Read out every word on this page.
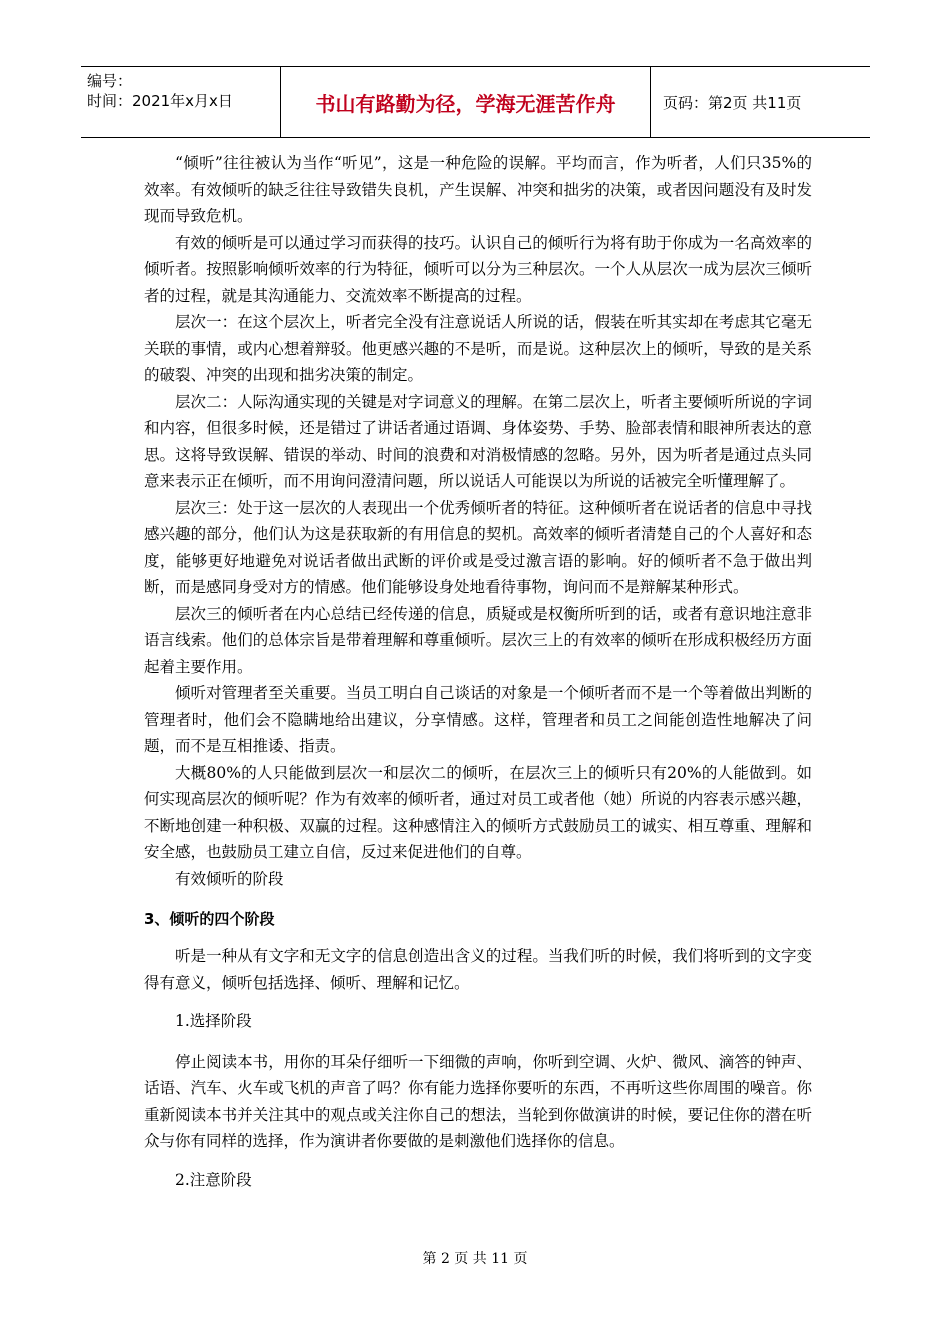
编号：
时间：2021年x月x日	书山有路勤为径，学海无涯苦作舟	页码：第2页 共11页

“倾听”往往被认为当作“听见”，这是一种危险的误解。平均而言，作为听者，人们只35%的效率。有效倾听的缺乏往往导致错失良机，产生误解、冲突和拙劣的决策，或者因问题没有及时发现而导致危机。

有效的倾听是可以通过学习而获得的技巧。认识自己的倾听行为将有助于你成为一名高效率的倾听者。按照影响倾听效率的行为特征，倾听可以分为三种层次。一个人从层次一成为层次三倾听者的过程，就是其沟通能力、交流效率不断提高的过程。

层次一：在这个层次上，听者完全没有注意说话人所说的话，假装在听其实却在考虑其它毫无关联的事情，或内心想着辩驳。他更感兴趣的不是听，而是说。这种层次上的倾听，导致的是关系的破裂、冲突的出现和拙劣决策的制定。

层次二：人际沟通实现的关键是对字词意义的理解。在第二层次上，听者主要倾听所说的字词和内容，但很多时候，还是错过了讲话者通过语调、身体姿势、手势、脸部表情和眼神所表达的意思。这将导致误解、错误的举动、时间的浪费和对消极情感的忽略。另外，因为听者是通过点头同意来表示正在倾听，而不用询问澄清问题，所以说话人可能误以为所说的话被完全听懂理解了。

层次三：处于这一层次的人表现出一个优秀倾听者的特征。这种倾听者在说话者的信息中寻找感兴趣的部分，他们认为这是获取新的有用信息的契机。高效率的倾听者清楚自己的个人喜好和态度，能够更好地避免对说话者做出武断的评价或是受过激言语的影响。好的倾听者不急于做出判断，而是感同身受对方的情感。他们能够设身处地看待事物，询问而不是辩解某种形式。

层次三的倾听者在内心总结已经传递的信息，质疑或是权衡所听到的话，或者有意识地注意非语言线索。他们的总体宗旨是带着理解和尊重倾听。层次三上的有效率的倾听在形成积极经历方面起着主要作用。

倾听对管理者至关重要。当员工明白自己谈话的对象是一个倾听者而不是一个等着做出判断的管理者时，他们会不隐瞒地给出建议，分享情感。这样，管理者和员工之间能创造性地解决了问题，而不是互相推诿、指责。

大概80%的人只能做到层次一和层次二的倾听，在层次三上的倾听只有20%的人能做到。如何实现高层次的倾听呢？作为有效率的倾听者，通过对员工或者他（她）所说的内容表示感兴趣，不断地创建一种积极、双赢的过程。这种感情注入的倾听方式鼓励员工的诚实、相互尊重、理解和安全感，也鼓励员工建立自信，反过来促进他们的自尊。

有效倾听的阶段

3、倾听的四个阶段

听是一种从有文字和无文字的信息创造出含义的过程。当我们听的时候，我们将听到的文字变得有意义，倾听包括选择、倾听、理解和记忆。

1.选择阶段

停止阅读本书，用你的耳朵仔细听一下细微的声响，你听到空调、火炉、微风、滴答的钟声、话语、汽车、火车或飞机的声音了吗？你有能力选择你要听的东西，不再听这些你周围的噪音。你重新阅读本书并关注其中的观点或关注你自己的想法，当轮到你做演讲的时候，要记住你的潜在听众与你有同样的选择，作为演讲者你要做的是刺激他们选择你的信息。

2.注意阶段

第 2 页 共 11 页
